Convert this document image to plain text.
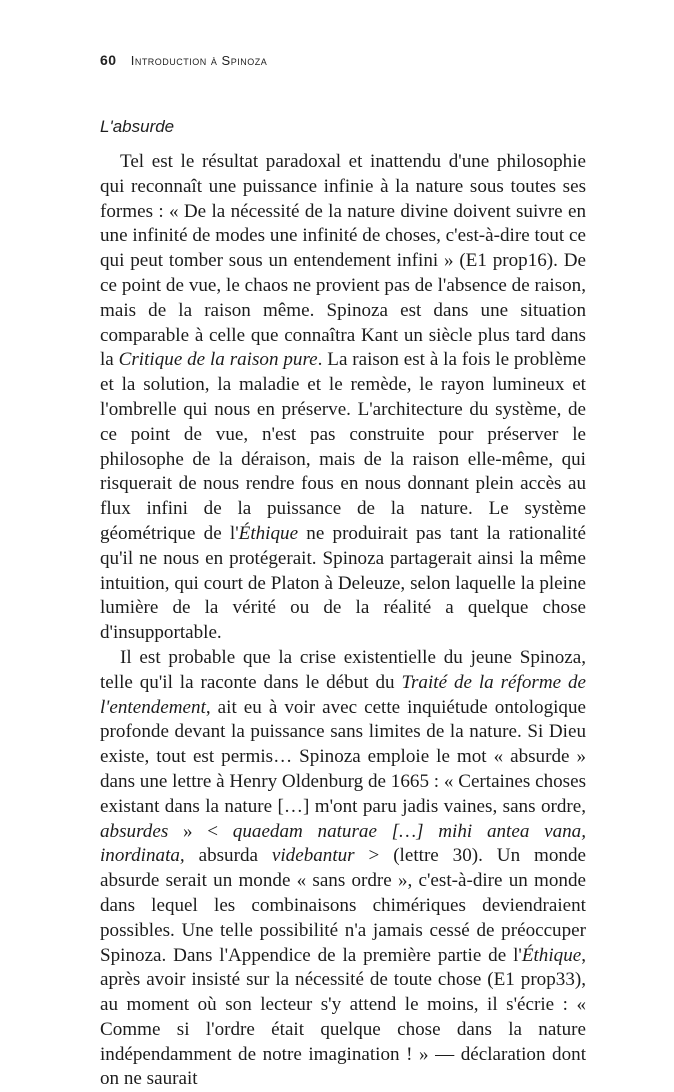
60 Introduction à Spinoza
L'absurde

Tel est le résultat paradoxal et inattendu d'une philosophie qui reconnaît une puissance infinie à la nature sous toutes ses formes : « De la nécessité de la nature divine doivent suivre en une infinité de modes une infinité de choses, c'est-à-dire tout ce qui peut tomber sous un entendement infini » (E1 prop16). De ce point de vue, le chaos ne provient pas de l'absence de raison, mais de la raison même. Spinoza est dans une situation comparable à celle que connaîtra Kant un siècle plus tard dans la Critique de la raison pure. La raison est à la fois le problème et la solution, la maladie et le remède, le rayon lumineux et l'ombrelle qui nous en préserve. L'architecture du système, de ce point de vue, n'est pas construite pour préserver le philosophe de la déraison, mais de la raison elle-même, qui risquerait de nous rendre fous en nous donnant plein accès au flux infini de la puissance de la nature. Le système géométrique de l'Éthique ne produirait pas tant la rationalité qu'il ne nous en protégerait. Spinoza partagerait ainsi la même intuition, qui court de Platon à Deleuze, selon laquelle la pleine lumière de la vérité ou de la réalité a quelque chose d'insupportable.

Il est probable que la crise existentielle du jeune Spinoza, telle qu'il la raconte dans le début du Traité de la réforme de l'entendement, ait eu à voir avec cette inquiétude ontologique profonde devant la puissance sans limites de la nature. Si Dieu existe, tout est permis… Spinoza emploie le mot « absurde » dans une lettre à Henry Oldenburg de 1665 : « Certaines choses existant dans la nature […] m'ont paru jadis vaines, sans ordre, absurdes » < quaedam naturae […] mihi antea vana, inordinata, absurda videbantur > (lettre 30). Un monde absurde serait un monde « sans ordre », c'est-à-dire un monde dans lequel les combinaisons chimériques deviendraient possibles. Une telle possibilité n'a jamais cessé de préoccuper Spinoza. Dans l'Appendice de la première partie de l'Éthique, après avoir insisté sur la nécessité de toute chose (E1 prop33), au moment où son lecteur s'y attend le moins, il s'écrie : « Comme si l'ordre était quelque chose dans la nature indépendamment de notre imagination ! » — déclaration dont on ne saurait
